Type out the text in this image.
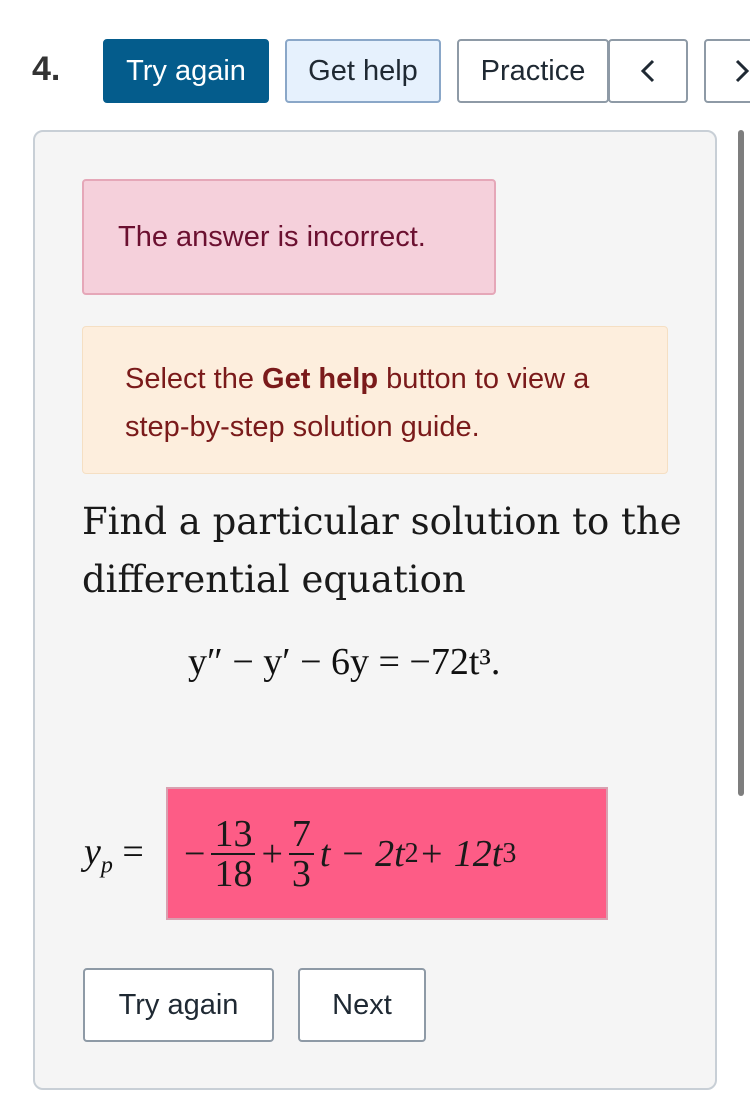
4.	Try again	Get help	Practice
The answer is incorrect.
Select the Get help button to view a step-by-step solution guide.
Find a particular solution to the differential equation
y″ − y′ − 6y = −72t³.
$y_p$ = − $\frac{13}{18} + \frac{7}{3}$ t − 2t 2 + 12t 3
Try again	Next
